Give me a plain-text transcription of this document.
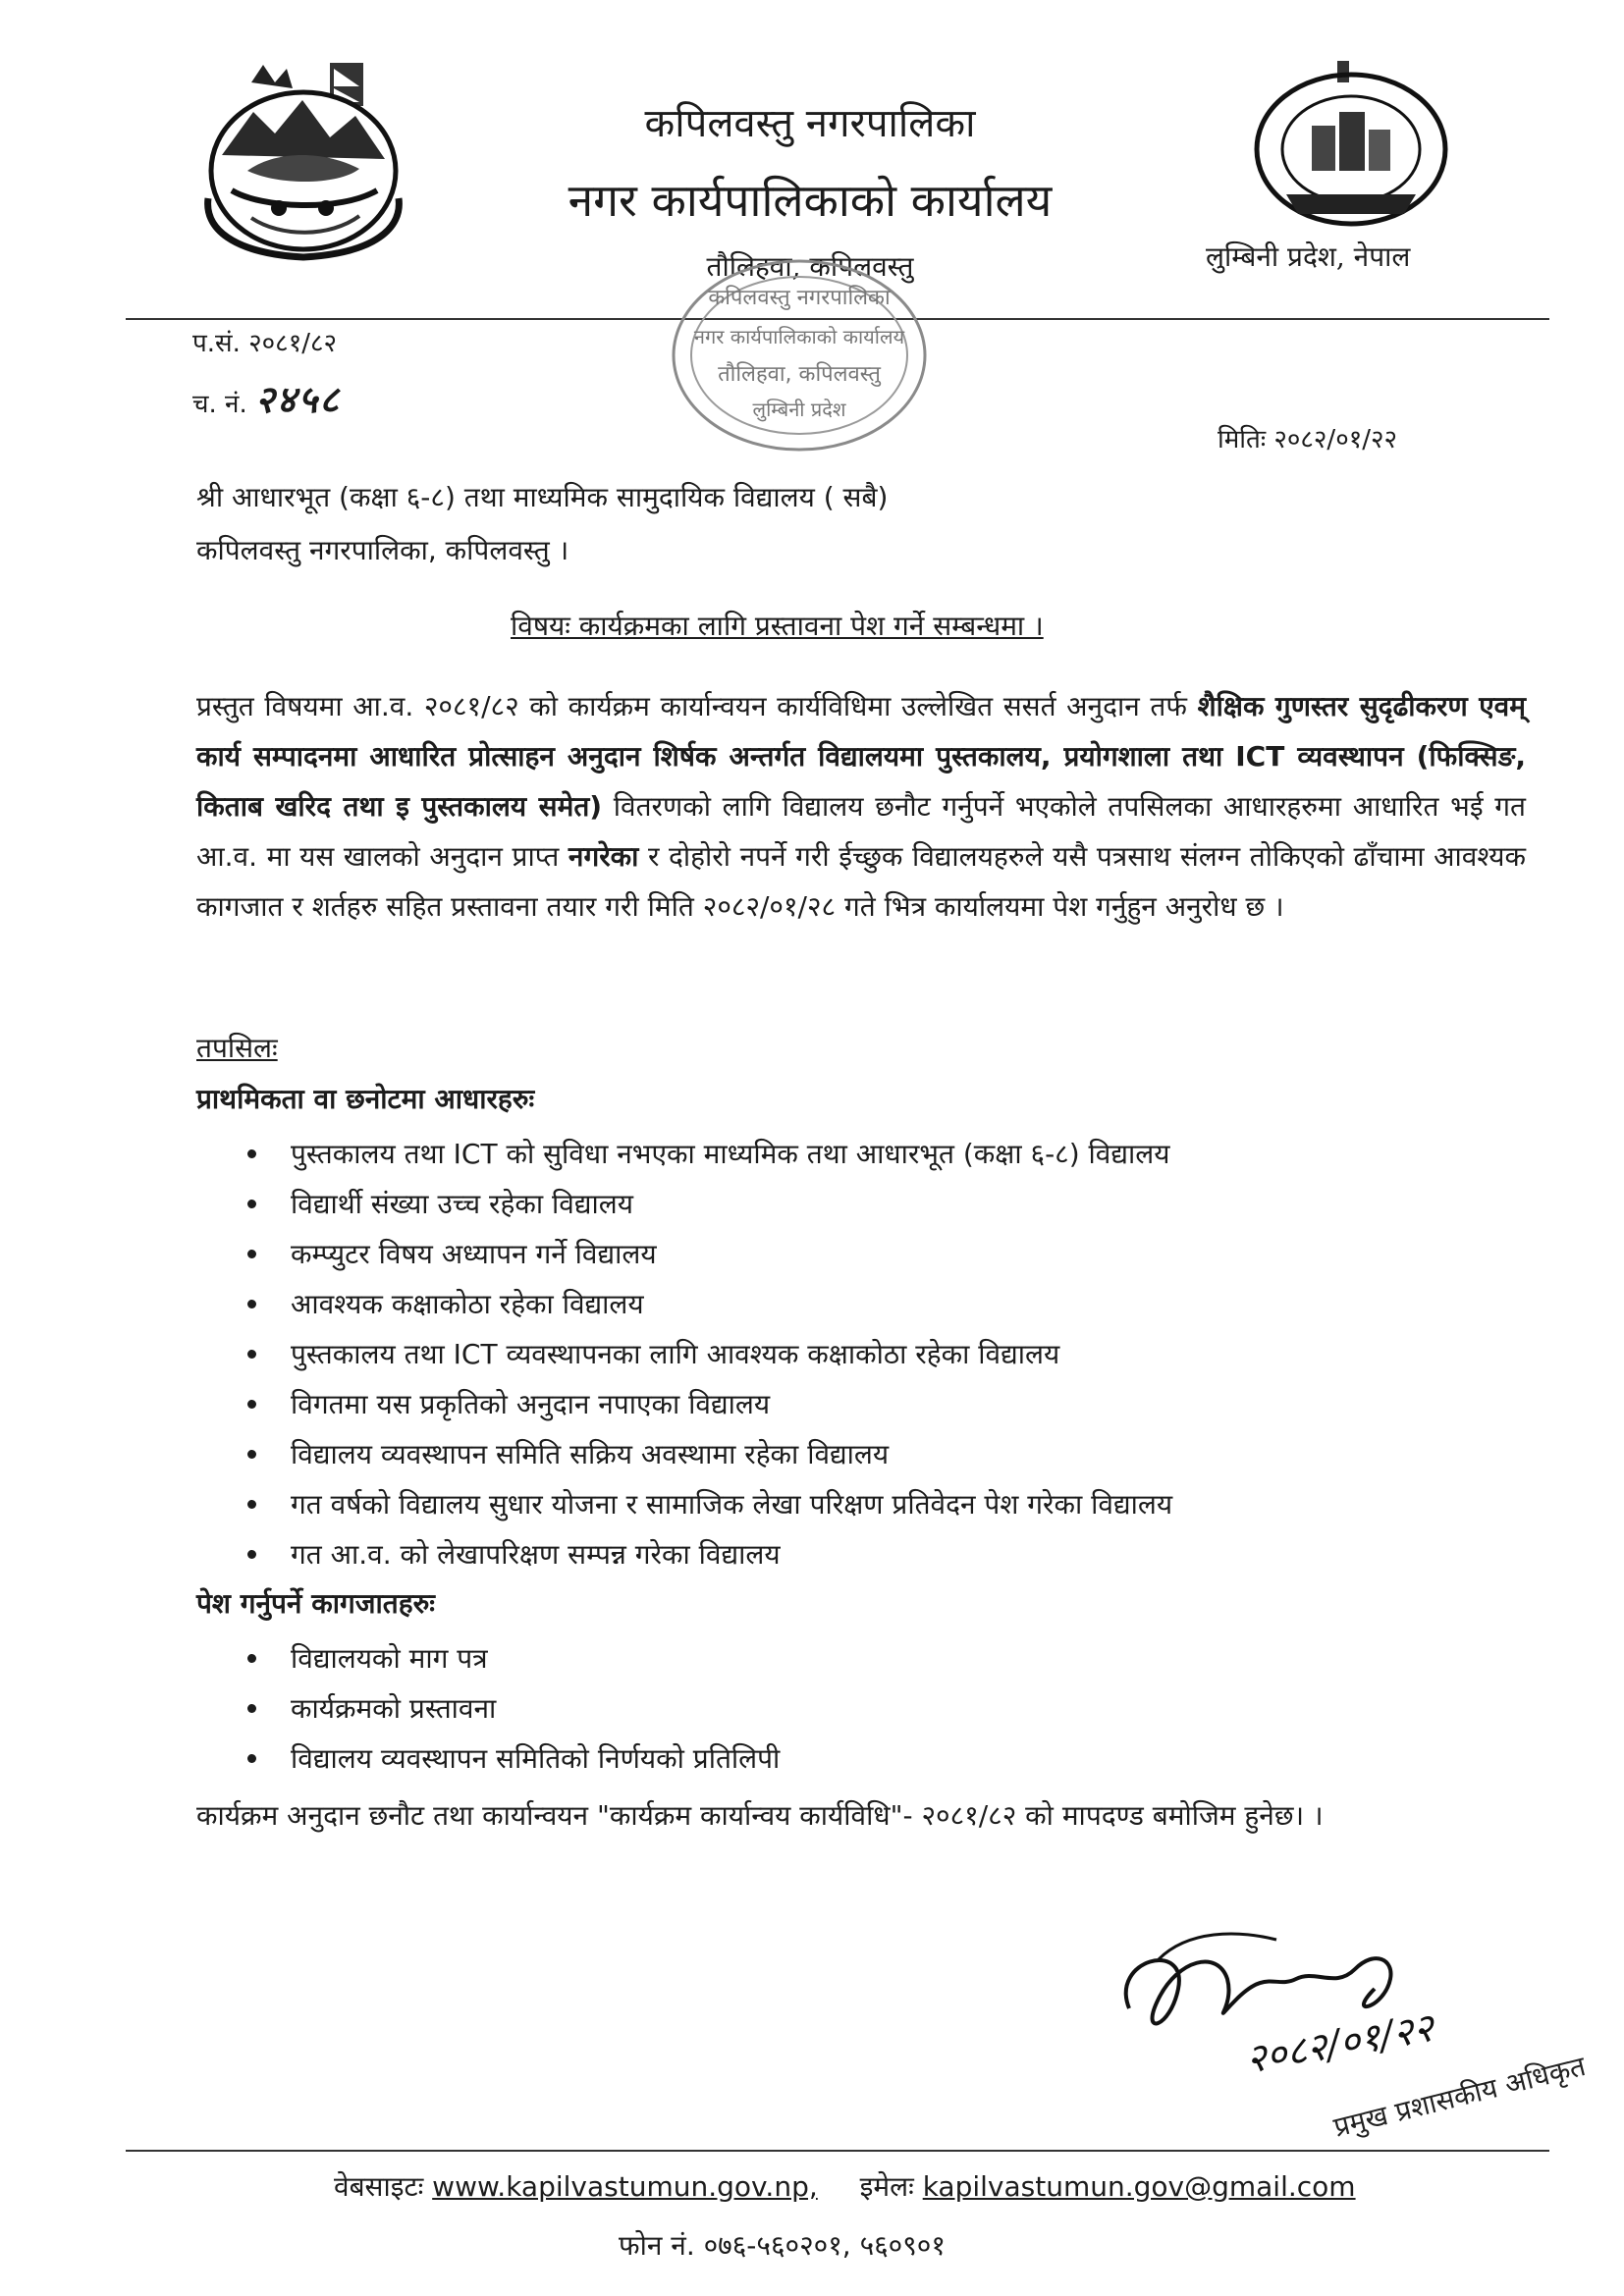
कपिलवस्तु नगरपालिका
नगर कार्यपालिकाको कार्यालय
तौलिहवा, कपिलवस्तु	लुम्बिनी प्रदेश, नेपाल
प.सं. २०८१/८२
च. नं. २४५८
कपिलवस्तु नगरपालिका
नगर कार्यपालिकाको कार्यालय
तौलिहवा, कपिलवस्तु
लुम्बिनी प्रदेश
मितिः २०८२/०१/२२
श्री आधारभूत (कक्षा ६-८) तथा माध्यमिक सामुदायिक विद्यालय ( सबै)
कपिलवस्तु नगरपालिका, कपिलवस्तु ।
विषयः कार्यक्रमका लागि प्रस्तावना पेश गर्ने सम्बन्धमा ।
प्रस्तुत विषयमा आ.व. २०८१/८२ को कार्यक्रम कार्यान्वयन कार्यविधिमा उल्लेखित ससर्त अनुदान तर्फ शैक्षिक गुणस्तर सुदृढीकरण एवम् कार्य सम्पादनमा आधारित प्रोत्साहन अनुदान शिर्षक अन्तर्गत विद्यालयमा पुस्तकालय, प्रयोगशाला तथा ICT व्यवस्थापन (फिक्सिङ, किताब खरिद तथा इ पुस्तकालय समेत) वितरणको लागि विद्यालय छनौट गर्नुपर्ने भएकोले तपसिलका आधारहरुमा आधारित भई गत आ.व. मा यस खालको अनुदान प्राप्त नगरेका र दोहोरो नपर्ने गरी ईच्छुक विद्यालयहरुले यसै पत्रसाथ संलग्न तोकिएको ढाँचामा आवश्यक कागजात र शर्तहरु सहित प्रस्तावना तयार गरी मिति २०८२/०१/२८ गते भित्र कार्यालयमा पेश गर्नुहुन अनुरोध छ ।
तपसिलः
प्राथमिकता वा छनोटमा आधारहरुः
पुस्तकालय तथा ICT को सुविधा नभएका माध्यमिक तथा आधारभूत (कक्षा ६-८) विद्यालय
विद्यार्थी संख्या उच्च रहेका विद्यालय
कम्प्युटर विषय अध्यापन गर्ने विद्यालय
आवश्यक कक्षाकोठा रहेका विद्यालय
पुस्तकालय तथा ICT व्यवस्थापनका लागि आवश्यक कक्षाकोठा रहेका विद्यालय
विगतमा यस प्रकृतिको अनुदान नपाएका विद्यालय
विद्यालय व्यवस्थापन समिति सक्रिय अवस्थामा रहेका विद्यालय
गत वर्षको विद्यालय सुधार योजना र सामाजिक लेखा परिक्षण प्रतिवेदन पेश गरेका विद्यालय
गत आ.व. को लेखापरिक्षण सम्पन्न गरेका विद्यालय
पेश गर्नुपर्ने कागजातहरुः
विद्यालयको माग पत्र
कार्यक्रमको प्रस्तावना
विद्यालय व्यवस्थापन समितिको निर्णयको प्रतिलिपी
कार्यक्रम अनुदान छनौट तथा कार्यान्वयन "कार्यक्रम कार्यान्वय कार्यविधि"- २०८१/८२ को मापदण्ड बमोजिम हुनेछ। ।
२०८२/०१/२२
प्रमुख प्रशासकीय अधिकृत
वेबसाइटः www.kapilvastumun.gov.np, इमेलः kapilvastumun.gov@gmail.com
फोन नं. ०७६-५६०२०१, ५६०९०१
